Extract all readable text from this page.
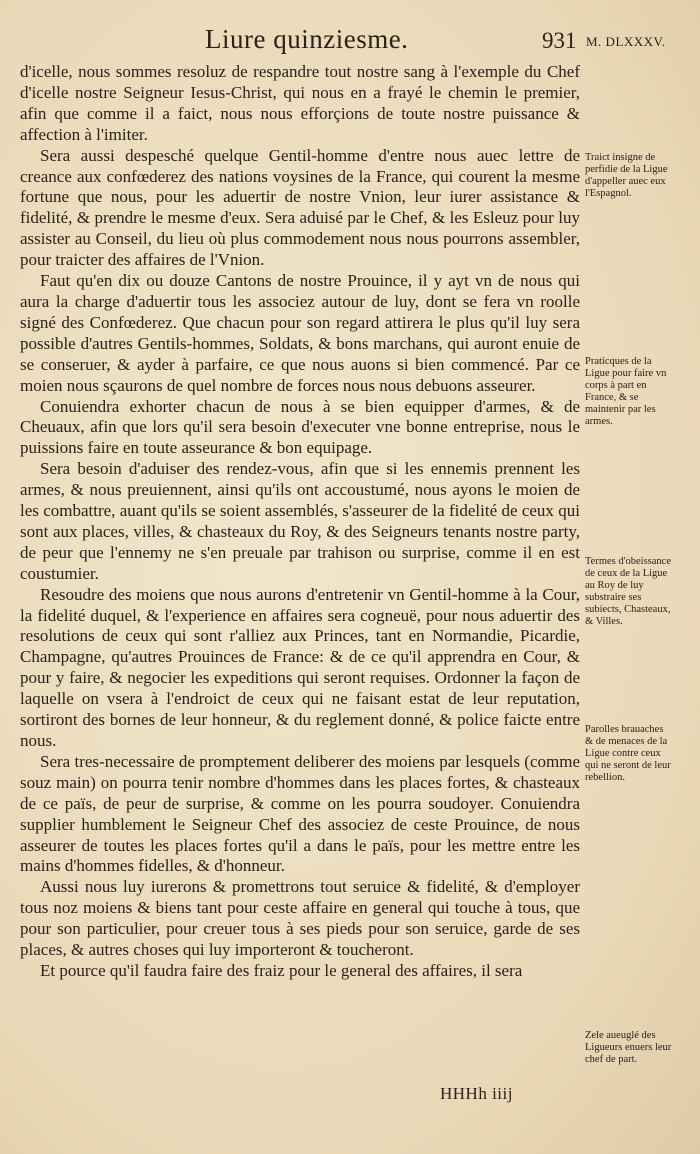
Liure quinziesme.	931 M. DLXXXV.

d'icelle, nous sommes resoluz de respandre tout nostre sang à l'exemple du Chef d'icelle nostre Seigneur Iesus-Christ, qui nous en a frayé le chemin le premier, afin que comme il a faict, nous nous efforçions de toute nostre puissance & affection à l'imiter.

Sera aussi despesché quelque Gentil-homme d'entre nous auec lettre de creance aux confœderez des nations voysines de la France, qui courent la mesme fortune que nous, pour les aduertir de nostre Vnion, leur iurer assistance & fidelité, & prendre le mesme d'eux. Sera aduisé par le Chef, & les Esleuz pour luy assister au Conseil, du lieu où plus commodement nous nous pourrons assembler, pour traicter des affaires de l'Vnion.

Faut qu'en dix ou douze Cantons de nostre Prouince, il y ayt vn de nous qui aura la charge d'aduertir tous les associez autour de luy, dont se fera vn roolle signé des Confœderez. Que chacun pour son regard attirera le plus qu'il luy sera possible d'autres Gentils-hommes, Soldats, & bons marchans, qui auront enuie de se conseruer, & ayder à parfaire, ce que nous auons si bien commencé. Par ce moien nous sçaurons de quel nombre de forces nous nous debuons asseurer.

Conuiendra exhorter chacun de nous à se bien equipper d'armes, & de Cheuaux, afin que lors qu'il sera besoin d'executer vne bonne entreprise, nous le puissions faire en toute asseurance & bon equipage.

Sera besoin d'aduiser des rendez-vous, afin que si les ennemis prennent les armes, & nous preuiennent, ainsi qu'ils ont accoustumé, nous ayons le moien de les combattre, auant qu'ils se soient assemblés, s'asseurer de la fidelité de ceux qui sont aux places, villes, & chasteaux du Roy, & des Seigneurs tenants nostre party, de peur que l'ennemy ne s'en preuale par trahison ou surprise, comme il en est coustumier.

Resoudre des moiens que nous aurons d'entretenir vn Gentil-homme à la Cour, la fidelité duquel, & l'experience en affaires sera cogneuë, pour nous aduertir des resolutions de ceux qui sont r'alliez aux Princes, tant en Normandie, Picardie, Champagne, qu'autres Prouinces de France: & de ce qu'il apprendra en Cour, & pour y faire, & negocier les expeditions qui seront requises. Ordonner la façon de laquelle on vsera à l'endroict de ceux qui ne faisant estat de leur reputation, sortiront des bornes de leur honneur, & du reglement donné, & police faicte entre nous.

Sera tres-necessaire de promptement deliberer des moiens par lesquels (comme souz main) on pourra tenir nombre d'hommes dans les places fortes, & chasteaux de ce païs, de peur de surprise, & comme on les pourra soudoyer. Conuiendra supplier humblement le Seigneur Chef des associez de ceste Prouince, de nous asseurer de toutes les places fortes qu'il a dans le païs, pour les mettre entre les mains d'hommes fidelles, & d'honneur.

Aussi nous luy iurerons & promettrons tout seruice & fidelité, & d'employer tous noz moiens & biens tant pour ceste affaire en general qui touche à tous, que pour son particulier, pour creuer tous à ses pieds pour son seruice, garde de ses places, & autres choses qui luy importeront & toucheront.

Et pource qu'il faudra faire des fraiz pour le general des affaires, il sera

Traict insigne de perfidie de la Ligue d'appeller auec eux l'Espagnol.
Praticques de la Ligue pour faire vn corps à part en France, & se maintenir par les armes.
Termes d'obeissance de ceux de la Ligue au Roy de luy substraire ses subiects, Chasteaux, & Villes.
Parolles brauaches & de menaces de la Ligue contre ceux qui ne seront de leur rebellion.
Zele aueuglé des Ligueurs enuers leur chef de part.
HHHh iiij
